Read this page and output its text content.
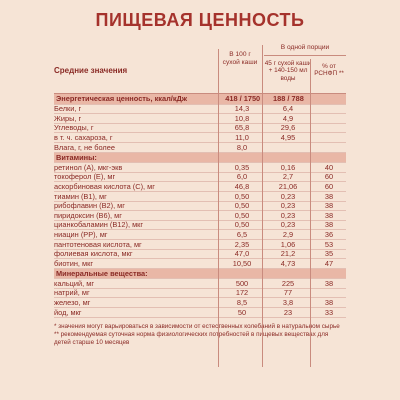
ПИЩЕВАЯ ЦЕННОСТЬ
Средние значения
В 100 г сухой каши
В одной порции
45 г сухой каши + 140-150 мл воды
% от РСНФП **
Энергетическая ценность, ккал/кДж	418 / 1750	188 / 788
Белки, г	14,3	6,4
Жиры, г	10,8	4,9
Углеводы, г	65,8	29,6
в т. ч. сахароза, г	11,0	4,95
Влага, г, не более	8,0
Витамины:
ретинол (А), мкг-экв	0,35	0,16	40
токоферол (Е), мг	6,0	2,7	60
аскорбиновая кислота (С), мг	46,8	21,06	60
тиамин (В1), мг	0,50	0,23	38
рибофлавин (В2), мг	0,50	0,23	38
пиридоксин (В6), мг	0,50	0,23	38
цианкобаламин (В12), мкг	0,50	0,23	38
ниацин (РР), мг	6,5	2,9	36
пантотеновая кислота, мг	2,35	1,06	53
фолиевая кислота, мкг	47,0	21,2	35
биотин, мкг	10,50	4,73	47
Минеральные вещества:
кальций, мг	500	225	38
натрий, мг	172	77
железо, мг	8,5	3,8	38
йод, мкг	50	23	33
* значения могут варьироваться в зависимости от естественных колебаний в натуральном сырье
** рекомендуемая суточная норма физиологических потребностей в пищевых веществах для детей старше 10 месяцев
